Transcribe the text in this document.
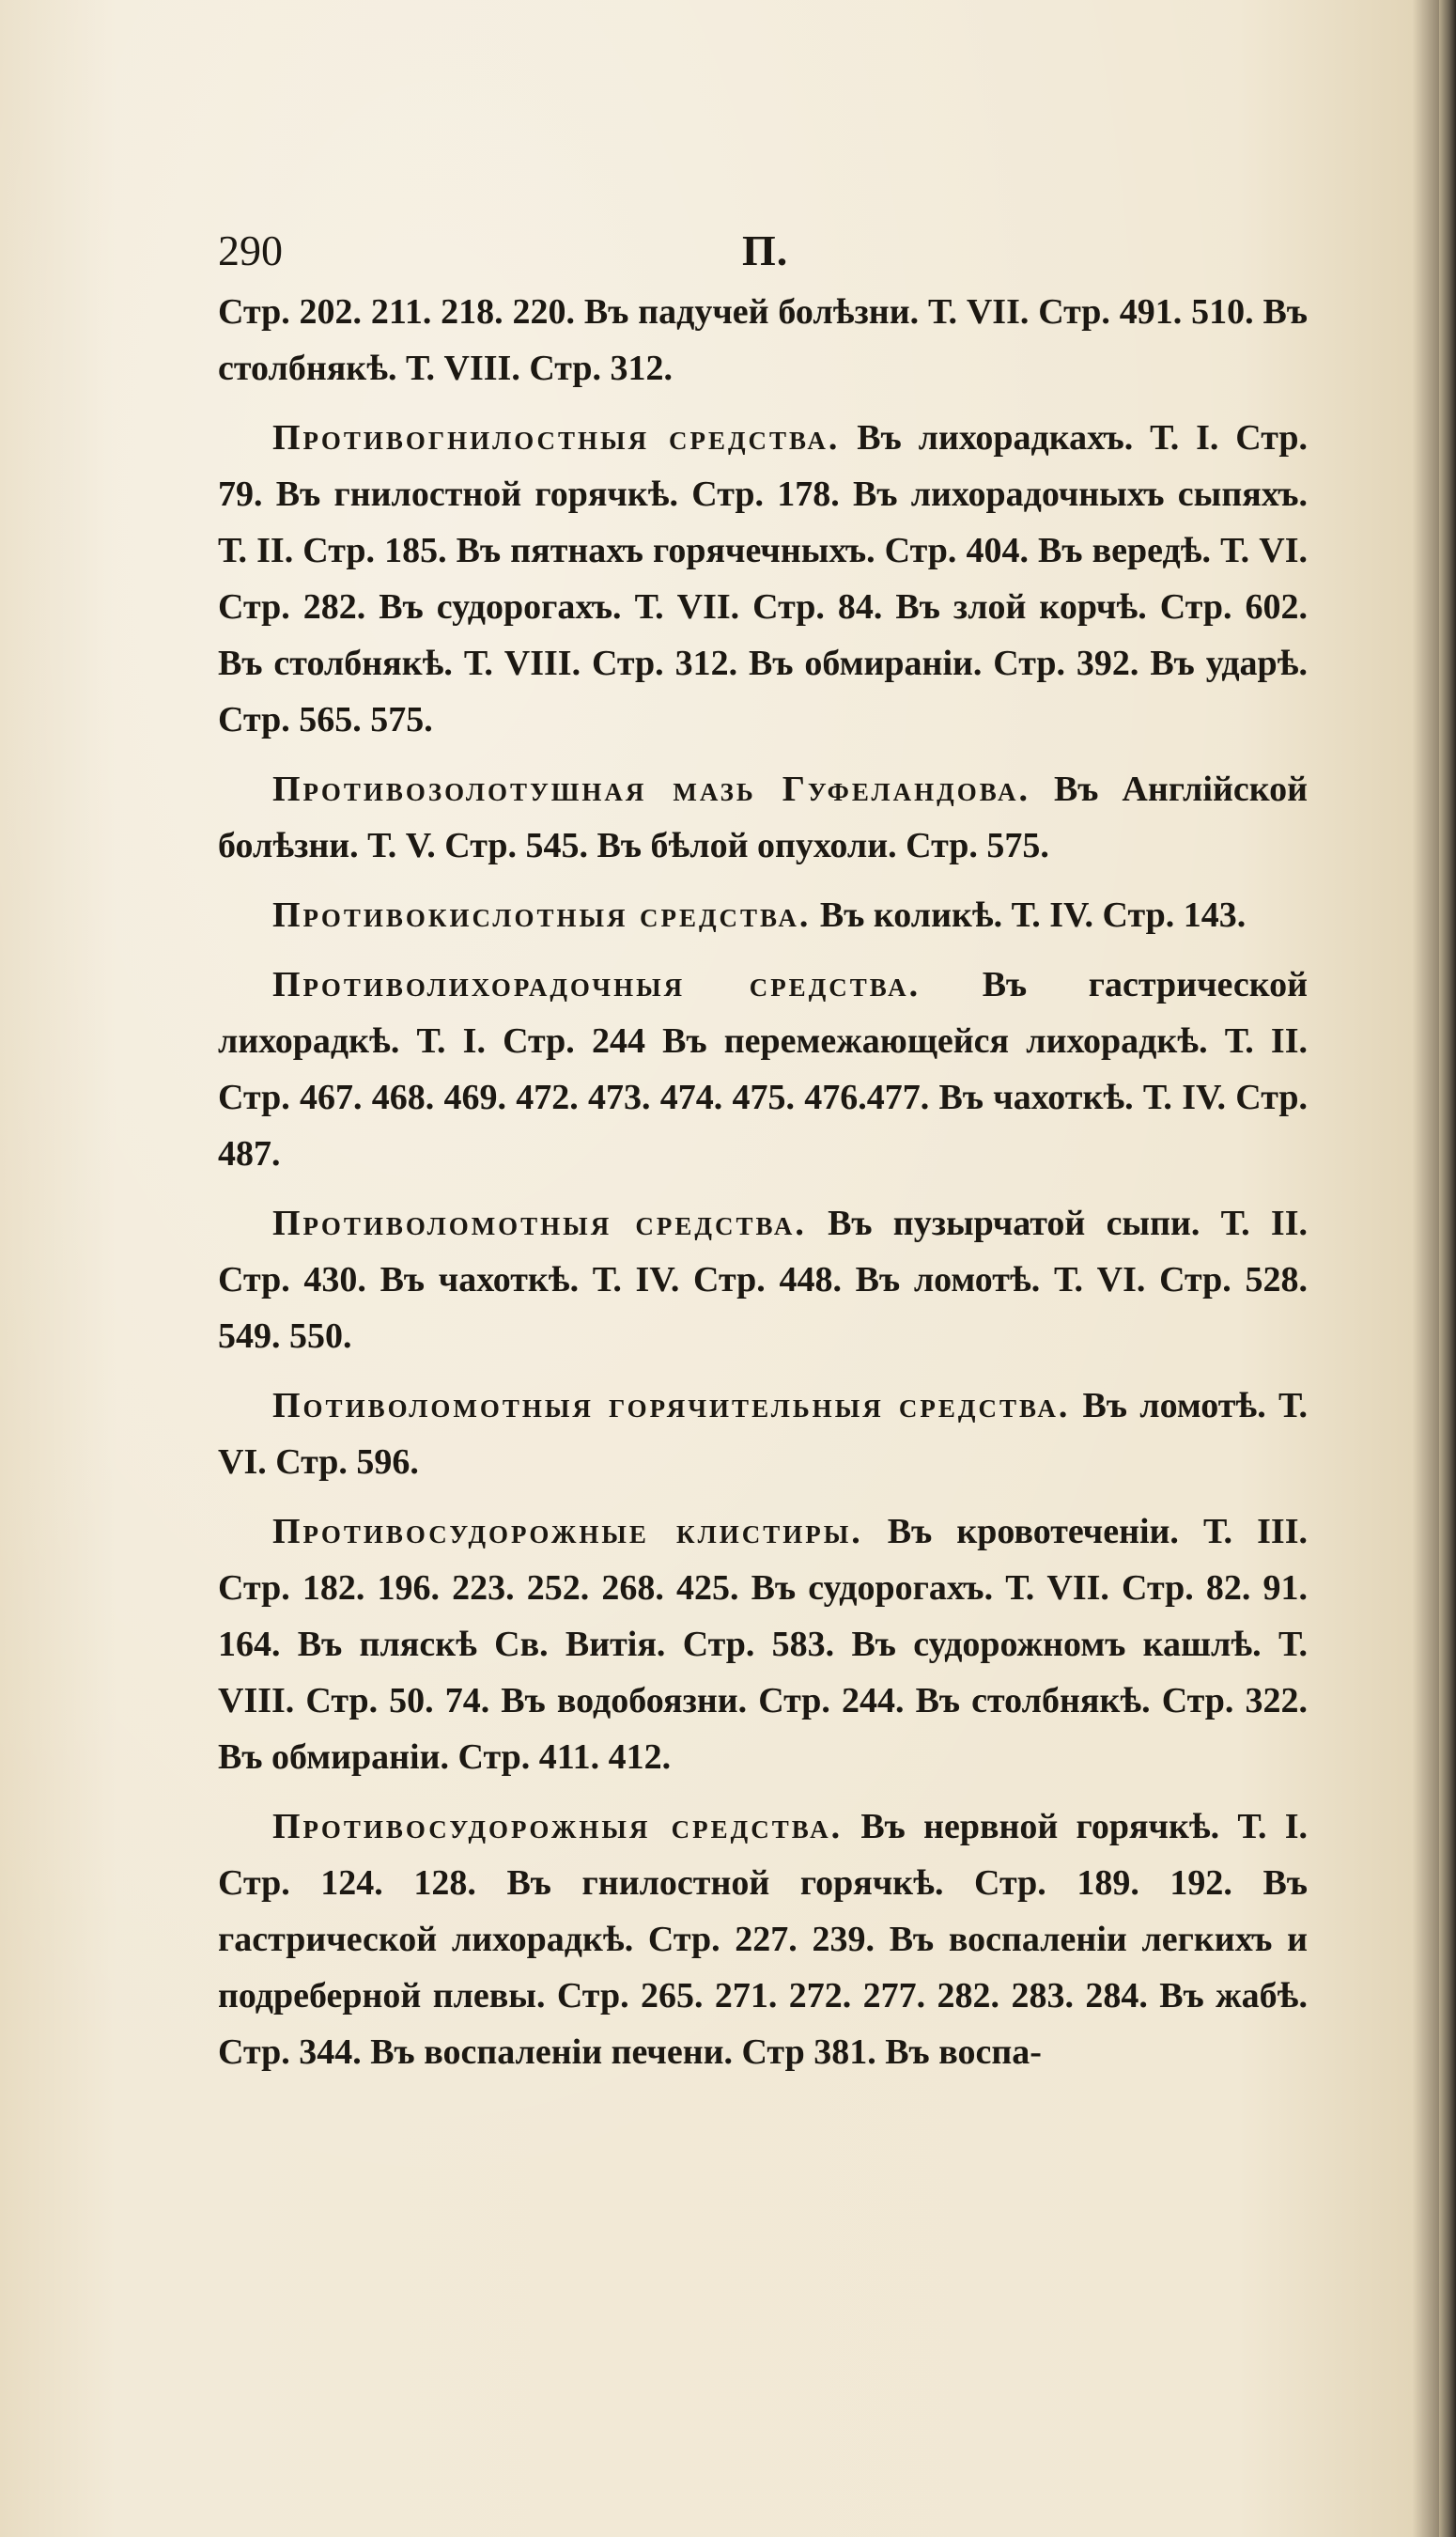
290	П.

Стр. 202. 211. 218. 220. Въ падучей болѣзни. Т. VII. Стр. 491. 510. Въ столбнякѣ. Т. VIII. Стр. 312.

Противогнилостныя средства. Въ лихорадкахъ. Т. I. Стр. 79. Въ гнилостной горячкѣ. Стр. 178. Въ лихорадочныхъ сыпяхъ. Т. II. Стр. 185. Въ пятнахъ горячечныхъ. Стр. 404. Въ вередѣ. Т. VI. Стр. 282. Въ судорогахъ. Т. VII. Стр. 84. Въ злой корчѣ. Стр. 602. Въ столбнякѣ. Т. VIII. Стр. 312. Въ обмираніи. Стр. 392. Въ ударѣ. Стр. 565. 575.

Противозолотушная мазь Гуфеландова. Въ Англійской болѣзни. Т. V. Стр. 545. Въ бѣлой опухоли. Стр. 575.

Противокислотныя средства. Въ коликѣ. Т. IV. Стр. 143.

Противолихорадочныя средства. Въ гастрической лихорадкѣ. Т. I. Стр. 244 Въ перемежающейся лихорадкѣ. Т. II. Стр. 467. 468. 469. 472. 473. 474. 475. 476.477. Въ чахоткѣ. Т. IV. Стр. 487.

Противоломотныя средства. Въ пузырчатой сыпи. Т. II. Стр. 430. Въ чахоткѣ. Т. IV. Стр. 448. Въ ломотѣ. Т. VI. Стр. 528. 549. 550.

Потиволомотныя горячительныя средства. Въ ломотѣ. Т. VI. Стр. 596.

Противосудорожные клистиры. Въ кровотеченіи. Т. III. Стр. 182. 196. 223. 252. 268. 425. Въ судорогахъ. Т. VII. Стр. 82. 91. 164. Въ пляскѣ Св. Витія. Стр. 583. Въ судорожномъ кашлѣ. Т. VIII. Стр. 50. 74. Въ водобоязни. Стр. 244. Въ столбнякѣ. Стр. 322. Въ обмираніи. Стр. 411. 412.

Противосудорожныя средства. Въ нервной горячкѣ. Т. I. Стр. 124. 128. Въ гнилостной горячкѣ. Стр. 189. 192. Въ гастрической лихорадкѣ. Стр. 227. 239. Въ воспаленіи легкихъ и подреберной плевы. Стр. 265. 271. 272. 277. 282. 283. 284. Въ жабѣ. Стр. 344. Въ воспаленіи печени. Стр 381. Въ воспа-
